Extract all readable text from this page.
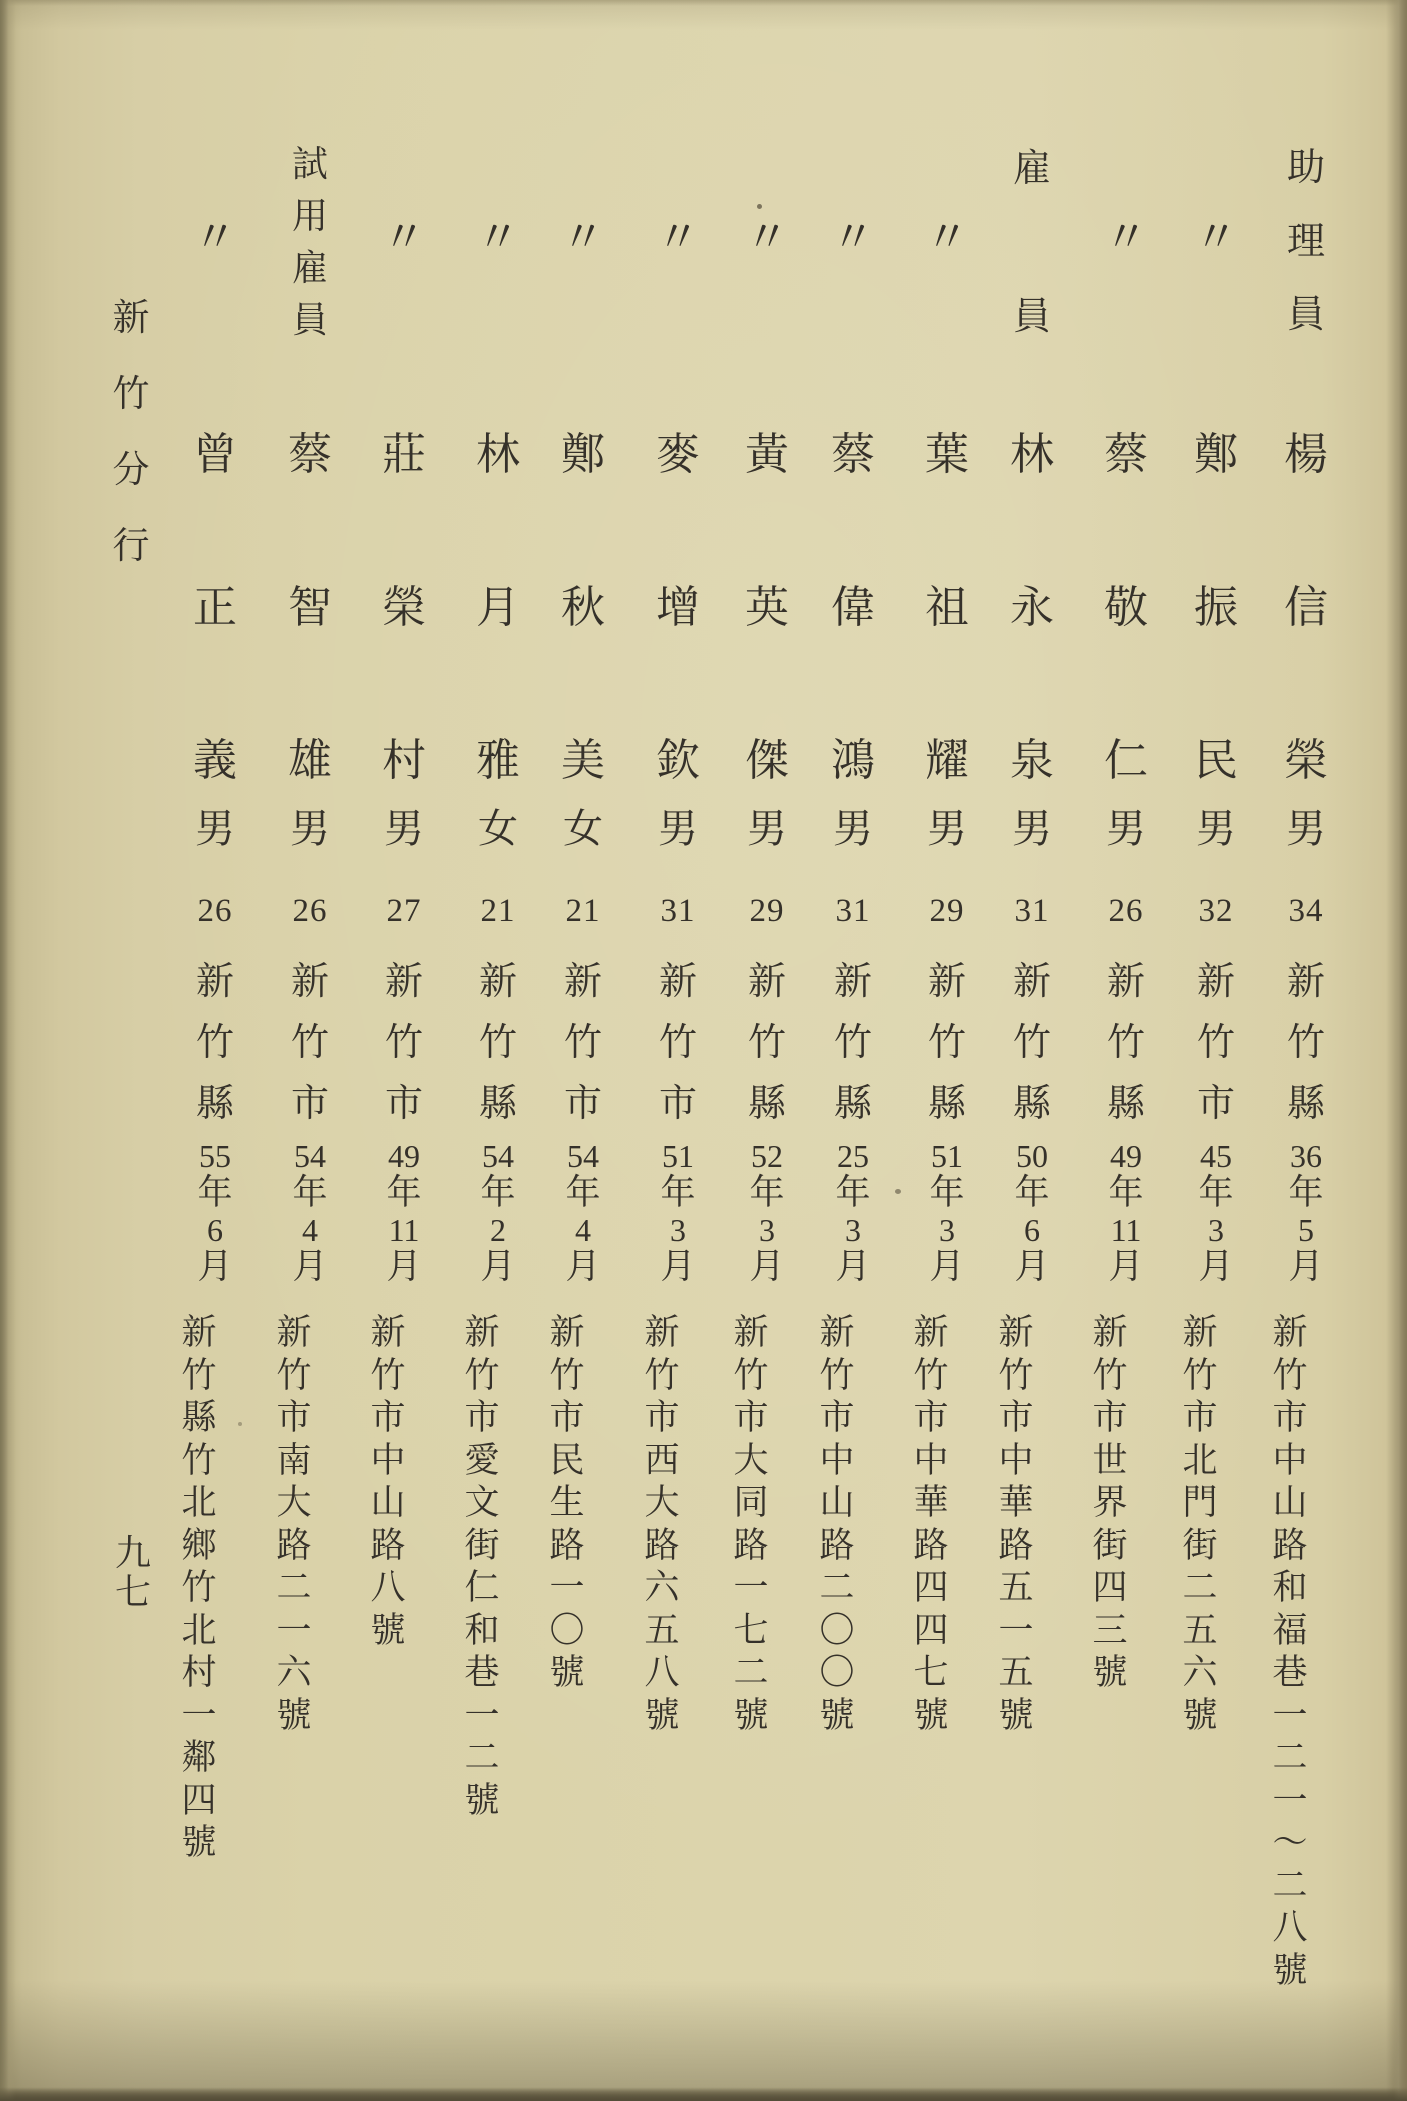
新竹分行
助理員
楊信榮
男
34
新竹縣
36
年
5
月
新竹市中山路和福巷一二一～二八號
〃
鄭振民
男
32
新竹市
45
年
3
月
新竹市北門街二五六號
〃
蔡敬仁
男
26
新竹縣
49
年
11
月
新竹市世界街四三號
雇員
林永泉
男
31
新竹縣
50
年
6
月
新竹市中華路五一五號
〃
葉祖耀
男
29
新竹縣
51
年
3
月
新竹市中華路四四七號
〃
蔡偉鴻
男
31
新竹縣
25
年
3
月
新竹市中山路二〇〇號
〃
黃英傑
男
29
新竹縣
52
年
3
月
新竹市大同路一七二號
〃
麥增欽
男
31
新竹市
51
年
3
月
新竹市西大路六五八號
〃
鄭秋美
女
21
新竹市
54
年
4
月
新竹市民生路一〇號
〃
林月雅
女
21
新竹縣
54
年
2
月
新竹市愛文街仁和巷一二號
〃
莊榮村
男
27
新竹市
49
年
11
月
新竹市中山路八號
試用雇員
蔡智雄
男
26
新竹市
54
年
4
月
新竹市南大路二一六號
〃
曾正義
男
26
新竹縣
55
年
6
月
新竹縣竹北鄉竹北村一鄰四號
九七
